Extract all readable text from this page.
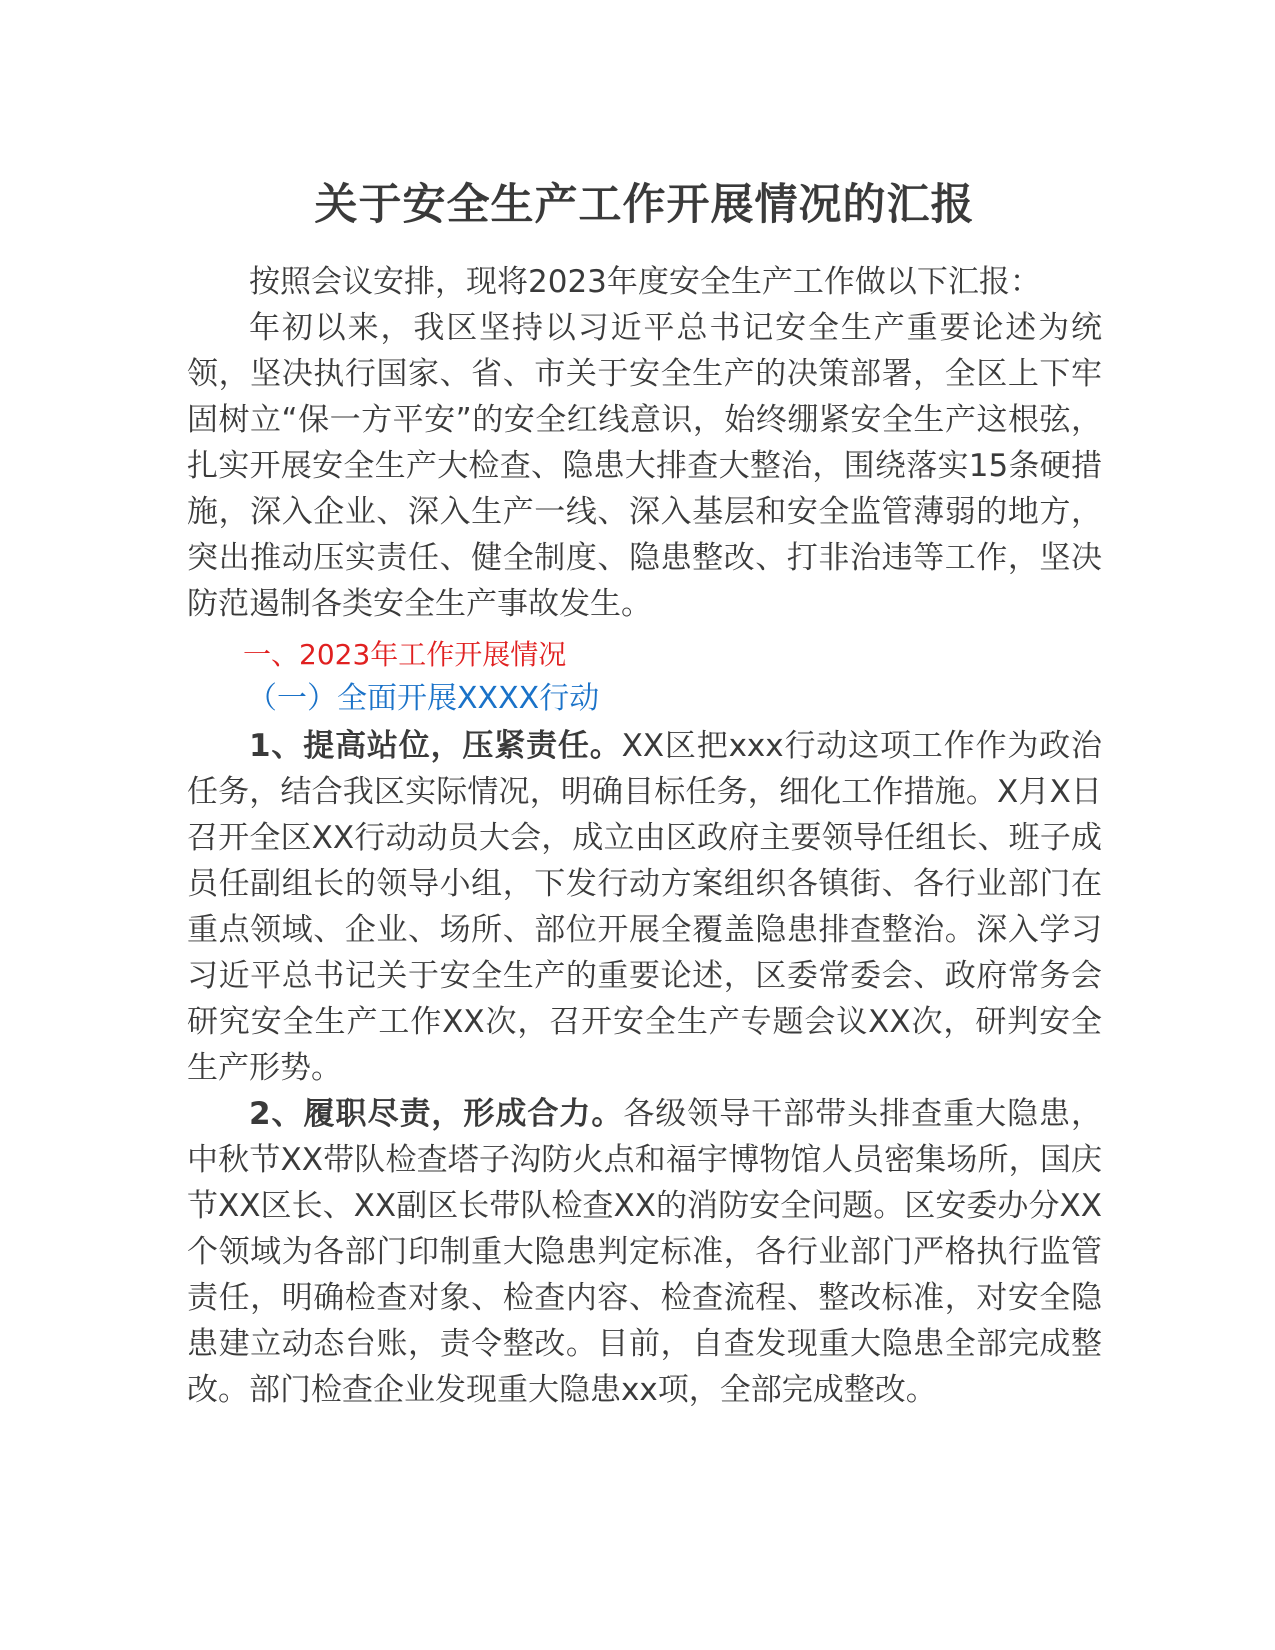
关于安全生产工作开展情况的汇报

按照会议安排，现将2023年度安全生产工作做以下汇报：

年初以来，我区坚持以习近平总书记安全生产重要论述为统领，坚决执行国家、省、市关于安全生产的决策部署，全区上下牢固树立“保一方平安”的安全红线意识，始终绷紧安全生产这根弦，扎实开展安全生产大检查、隐患大排查大整治，围绕落实15条硬措施，深入企业、深入生产一线、深入基层和安全监管薄弱的地方，突出推动压实责任、健全制度、隐患整改、打非治违等工作，坚决防范遏制各类安全生产事故发生。

一、2023年工作开展情况

（一）全面开展XXXX行动

1、提高站位，压紧责任。XX区把xxx行动这项工作作为政治任务，结合我区实际情况，明确目标任务，细化工作措施。X月X日召开全区XX行动动员大会，成立由区政府主要领导任组长、班子成员任副组长的领导小组，下发行动方案组织各镇街、各行业部门在重点领域、企业、场所、部位开展全覆盖隐患排查整治。深入学习习近平总书记关于安全生产的重要论述，区委常委会、政府常务会研究安全生产工作XX次，召开安全生产专题会议XX次，研判安全生产形势。

2、履职尽责，形成合力。各级领导干部带头排查重大隐患，中秋节XX带队检查塔子沟防火点和福宇博物馆人员密集场所，国庆节XX区长、XX副区长带队检查XX的消防安全问题。区安委办分XX个领域为各部门印制重大隐患判定标准，各行业部门严格执行监管责任，明确检查对象、检查内容、检查流程、整改标准，对安全隐患建立动态台账，责令整改。目前，自查发现重大隐患全部完成整改。部门检查企业发现重大隐患xx项，全部完成整改。
